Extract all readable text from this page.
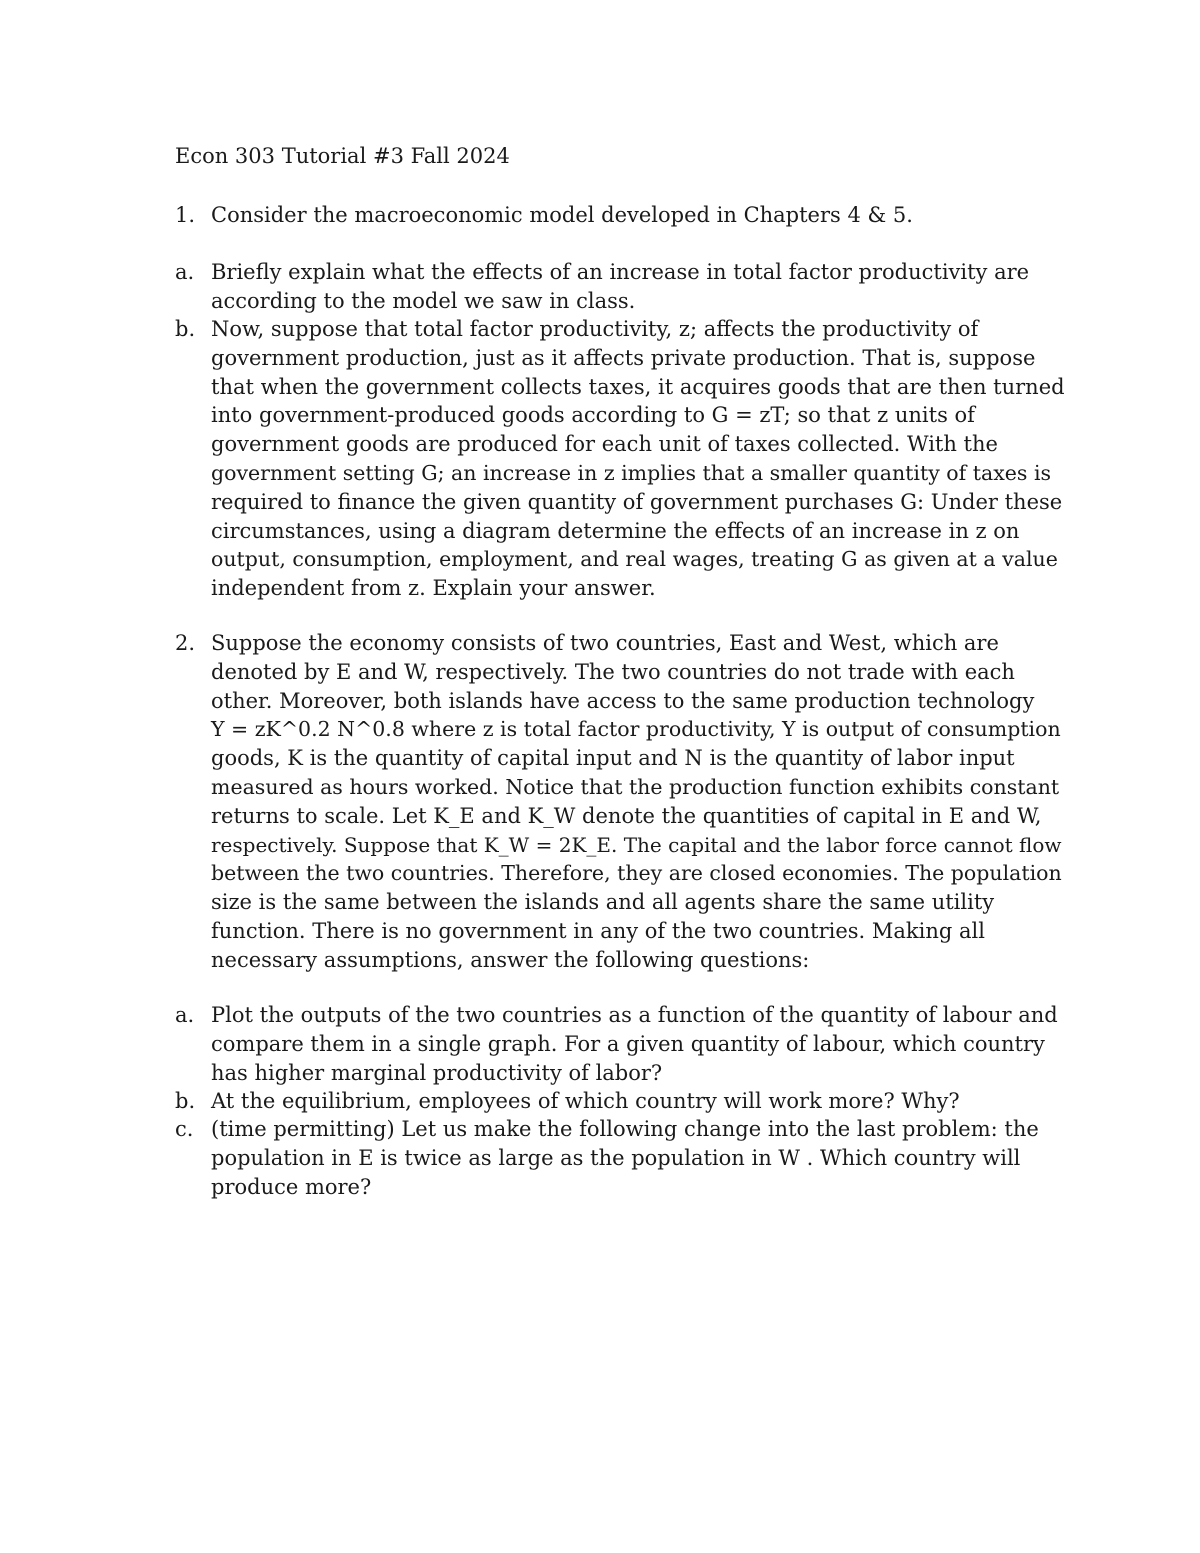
Econ 303 Tutorial #3 Fall 2024
1. Consider the macroeconomic model developed in Chapters 4 & 5.
a. Briefly explain what the effects of an increase in total factor productivity are
according to the model we saw in class.
b. Now, suppose that total factor productivity, z; affects the productivity of
government production, just as it affects private production. That is, suppose
that when the government collects taxes, it acquires goods that are then turned
into government-produced goods according to G = zT; so that z units of
government goods are produced for each unit of taxes collected. With the
government setting G; an increase in z implies that a smaller quantity of taxes is
required to finance the given quantity of government purchases G: Under these
circumstances, using a diagram determine the effects of an increase in z on
output, consumption, employment, and real wages, treating G as given at a value
independent from z. Explain your answer.
2. Suppose the economy consists of two countries, East and West, which are
denoted by E and W, respectively. The two countries do not trade with each
other. Moreover, both islands have access to the same production technology
Y = zK^0.2 N^0.8 where z is total factor productivity, Y is output of consumption
goods, K is the quantity of capital input and N is the quantity of labor input
measured as hours worked. Notice that the production function exhibits constant
returns to scale. Let K_E and K_W denote the quantities of capital in E and W,
respectively. Suppose that K_W = 2K_E. The capital and the labor force cannot flow
between the two countries. Therefore, they are closed economies. The population
size is the same between the islands and all agents share the same utility
function. There is no government in any of the two countries. Making all
necessary assumptions, answer the following questions:
a. Plot the outputs of the two countries as a function of the quantity of labour and
compare them in a single graph. For a given quantity of labour, which country
has higher marginal productivity of labor?
b. At the equilibrium, employees of which country will work more? Why?
c. (time permitting) Let us make the following change into the last problem: the
population in E is twice as large as the population in W . Which country will
produce more?
